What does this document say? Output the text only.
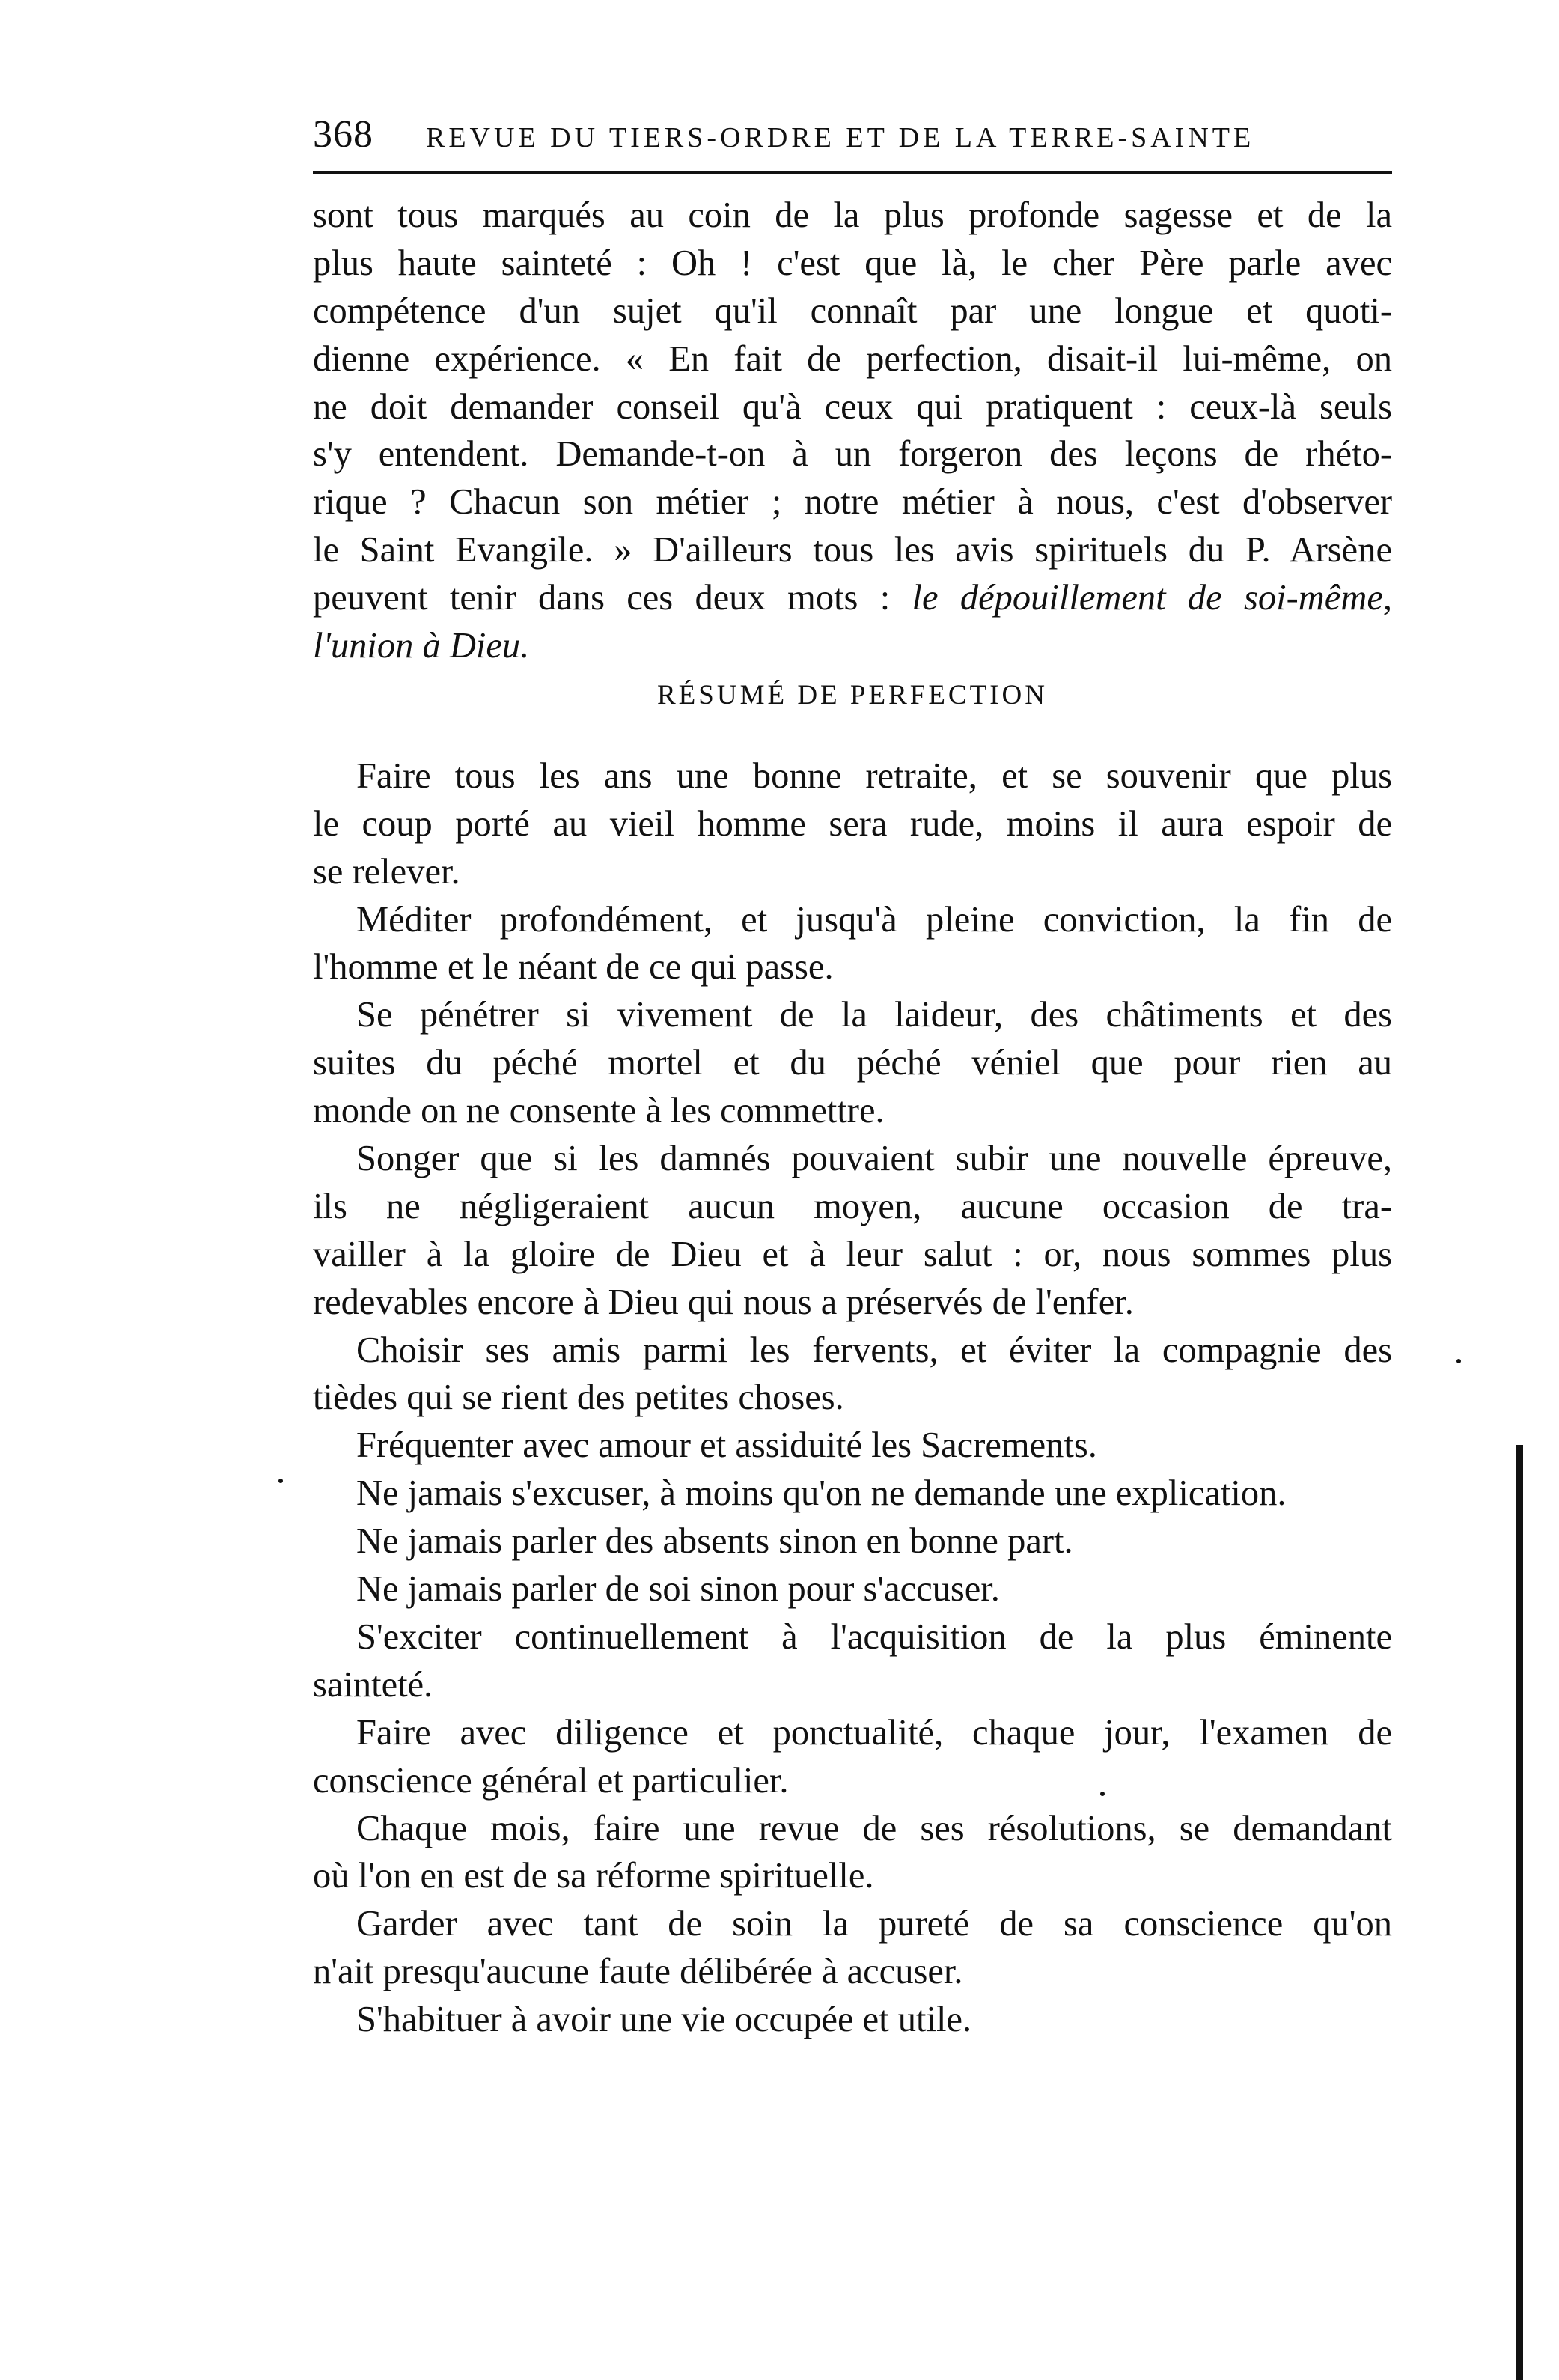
368 REVUE DU TIERS-ORDRE ET DE LA TERRE-SAINTE
sont tous marqués au coin de la plus profonde sagesse et de la
plus haute sainteté : Oh ! c'est que là, le cher Père parle avec
compétence d'un sujet qu'il connaît par une longue et quoti-
dienne expérience. « En fait de perfection, disait-il lui-même, on
ne doit demander conseil qu'à ceux qui pratiquent : ceux-là seuls
s'y entendent. Demande-t-on à un forgeron des leçons de rhéto-
rique ? Chacun son métier ; notre métier à nous, c'est d'observer
le Saint Evangile. » D'ailleurs tous les avis spirituels du P. Arsène
peuvent tenir dans ces deux mots : le dépouillement de soi-même,
l'union à Dieu.
RÉSUMÉ DE PERFECTION
Faire tous les ans une bonne retraite, et se souvenir que plus
le coup porté au vieil homme sera rude, moins il aura espoir de
se relever.
Méditer profondément, et jusqu'à pleine conviction, la fin de
l'homme et le néant de ce qui passe.
Se pénétrer si vivement de la laideur, des châtiments et des
suites du péché mortel et du péché véniel que pour rien au
monde on ne consente à les commettre.
Songer que si les damnés pouvaient subir une nouvelle épreuve,
ils ne négligeraient aucun moyen, aucune occasion de tra-
vailler à la gloire de Dieu et à leur salut : or, nous sommes plus
redevables encore à Dieu qui nous a préservés de l'enfer.
Choisir ses amis parmi les fervents, et éviter la compagnie des
tièdes qui se rient des petites choses.
Fréquenter avec amour et assiduité les Sacrements.
Ne jamais s'excuser, à moins qu'on ne demande une explication.
Ne jamais parler des absents sinon en bonne part.
Ne jamais parler de soi sinon pour s'accuser.
S'exciter continuellement à l'acquisition de la plus éminente
sainteté.
Faire avec diligence et ponctualité, chaque jour, l'examen de
conscience général et particulier.
Chaque mois, faire une revue de ses résolutions, se demandant
où l'on en est de sa réforme spirituelle.
Garder avec tant de soin la pureté de sa conscience qu'on
n'ait presqu'aucune faute délibérée à accuser.
S'habituer à avoir une vie occupée et utile.
